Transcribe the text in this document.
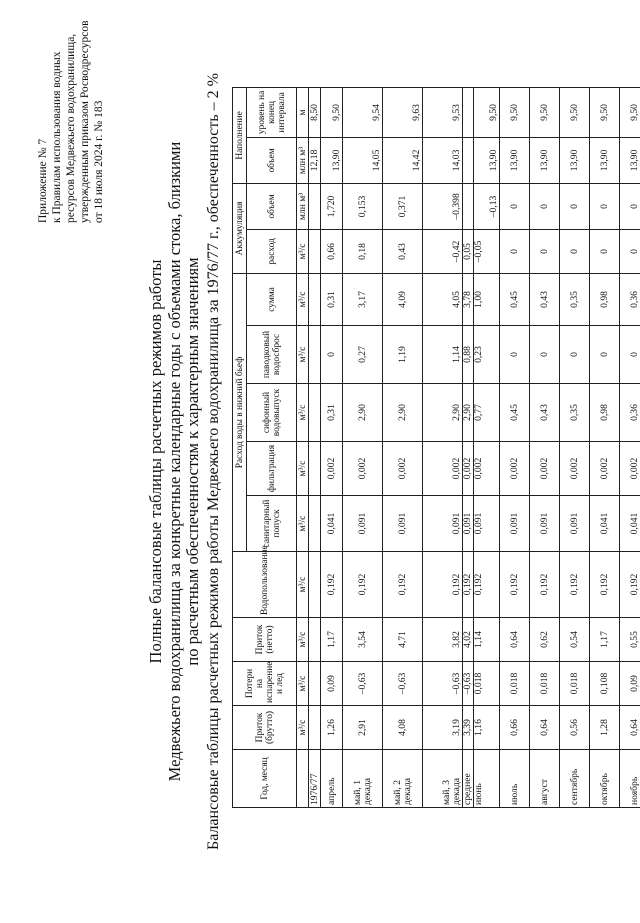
Приложение № 7 к Правилам использования водных ресурсов Медвежьего водохранилища, утвержденным приказом Росводресурсов от 18 июля 2024 г. № 183
Полные балансовые таблицы расчетных режимов работы Медвежьего водохранилища за конкретные календарные годы с объемами стока, близкими по расчетным обеспеченностям к характерным значениям Балансовые таблицы расчетных режимов работы Медвежьего водохранилища за 1976/77 г., обеспеченность – 2 %	Год, месяц	Приток (брутто)	Потери на испарение и лед	Приток (нетто)	Водопользование	Расход воды в нижний бьеф					Аккумуляция		Наполнение	
					санитарный попуск	фильтрация	сифонный водовыпуск	паводковый водосброс	сумма	расход	объем	объем	уровень на конец интервала
	м³/с	м³/с	м³/с	м³/с	м³/с	м³/с	м³/с	м³/с	м³/с	м³/с	млн м³	млн м³	м
1976/77												12,18	8,50
апрель	1,26	0,09	1,17	0,192	0,041	0,002	0,31	0	0,31	0,66	1,720	13,90	9,50
май, 1 декада	2,91	–0,63	3,54	0,192	0,091	0,002	2,90	0,27	3,17	0,18	0,153	14,05	9,54
май, 2 декада	4,08	–0,63	4,71	0,192	0,091	0,002	2,90	1,19	4,09	0,43	0,371	14,42	9,63
май, 3 декада	3,19	–0,63	3,82	0,192	0,091	0,002	2,90	1,14	4,05	–0,42	–0,398	14,03	9,53
среднее	3,39	–0,63	4,02	0,192	0,091	0,002	2,90	0,88	3,78	0,05			
июнь	1,16	0,018	1,14	0,192	0,091	0,002	0,77	0,23	1,00	–0,05	–0,13	13,90	9,50
июль	0,66	0,018	0,64	0,192	0,091	0,002	0,45	0	0,45	0	0	13,90	9,50
август	0,64	0,018	0,62	0,192	0,091	0,002	0,43	0	0,43	0	0	13,90	9,50
сентябрь	0,56	0,018	0,54	0,192	0,091	0,002	0,35	0	0,35	0	0	13,90	9,50
октябрь	1,28	0,108	1,17	0,192	0,041	0,002	0,98	0	0,98	0	0	13,90	9,50
ноябрь	0,64	0,09	0,55	0,192	0,041	0,002	0,36	0	0,36	0	0	13,90	9,50
